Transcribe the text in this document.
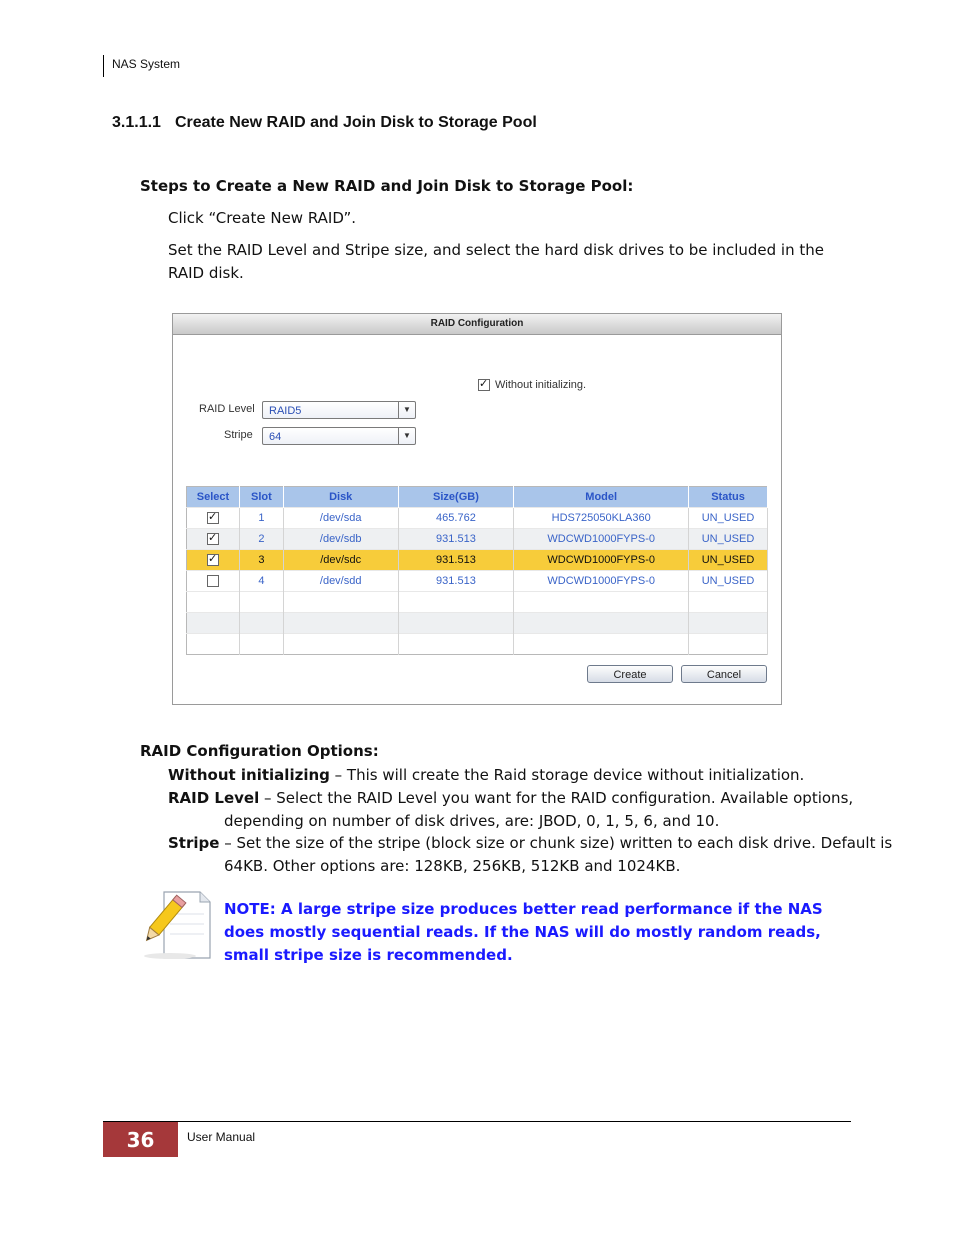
NAS System
3.1.1.1 Create New RAID and Join Disk to Storage Pool
Steps to Create a New RAID and Join Disk to Storage Pool:
Click “Create New RAID”.
Set the RAID Level and Stripe size, and select the hard disk drives to be included in the RAID disk.
RAID Configuration
✓Without initializing.
RAID Level	RAID5	▼
Stripe	64	▼
Select	Slot	Disk	Size(GB)	Model	Status
✓	1	/dev/sda	465.762	HDS725050KLA360	UN_USED
✓	2	/dev/sdb	931.513	WDCWD1000FYPS-0	UN_USED
✓	3	/dev/sdc	931.513	WDCWD1000FYPS-0	UN_USED
	4	/dev/sdd	931.513	WDCWD1000FYPS-0	UN_USED

Create	Cancel
RAID Configuration Options:
Without initializing – This will create the Raid storage device without initialization.
RAID Level – Select the RAID Level you want for the RAID configuration. Available options, depending on number of disk drives, are: JBOD, 0, 1, 5, 6, and 10.
Stripe – Set the size of the stripe (block size or chunk size) written to each disk drive. Default is 64KB. Other options are: 128KB, 256KB, 512KB and 1024KB.
NOTE: A large stripe size produces better read performance if the NAS does mostly sequential reads. If the NAS will do mostly random reads, small stripe size is recommended.
36	User Manual
